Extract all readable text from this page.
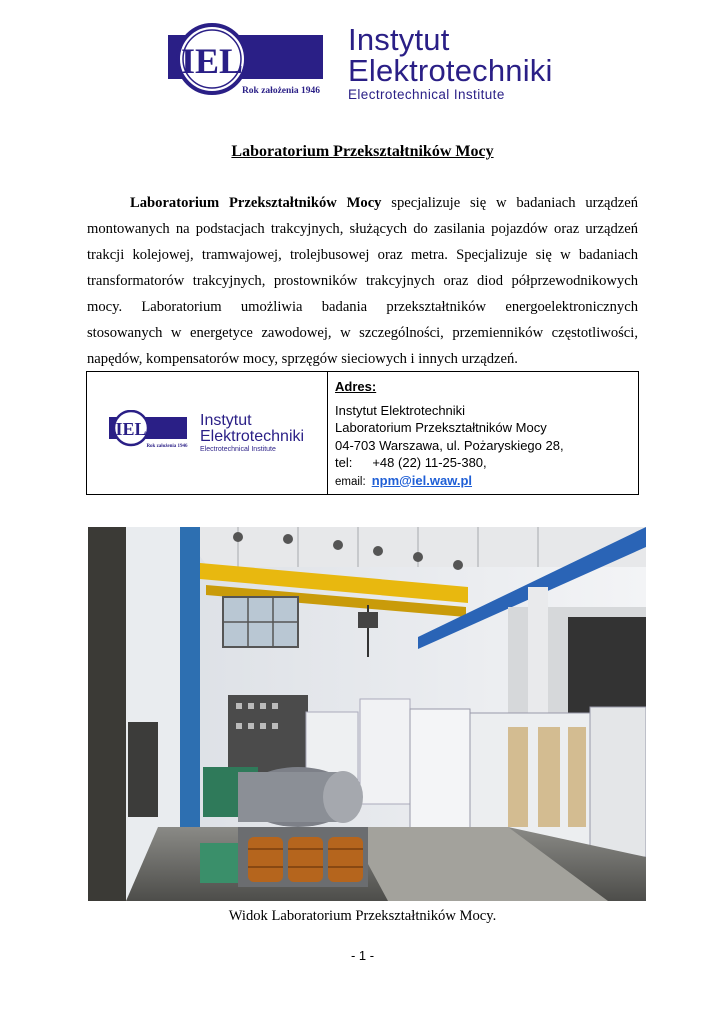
IEL
Rok założenia 1946
Instytut
Elektrotechniki
Electrotechnical Institute
Laboratorium Przekształtników Mocy
Laboratorium Przekształtników Mocy specjalizuje się w badaniach urządzeń montowanych na podstacjach trakcyjnych, służących do zasilania pojazdów oraz urządzeń trakcji kolejowej, tramwajowej, trolejbusowej oraz metra. Specjalizuje się w badaniach transformatorów trakcyjnych, prostowników trakcyjnych oraz diod półprzewodnikowych mocy. Laboratorium umożliwia badania przekształtników energoelektronicznych stosowanych w energetyce zawodowej, w szczególności, przemienników częstotliwości, napędów, kompensatorów mocy, sprzęgów sieciowych i innych urządzeń.
IEL
Rok założenia 1946
Instytut
Elektrotechniki
Electrotechnical Institute
Adres:
Instytut Elektrotechniki
Laboratorium Przekształtników Mocy
04-703 Warszawa, ul. Pożaryskiego 28,
tel: +48 (22) 11-25-380,
email: npm@iel.waw.pl
Widok Laboratorium Przekształtników Mocy.
- 1 -
